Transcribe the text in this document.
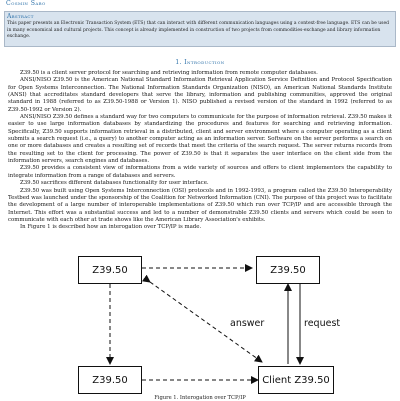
Cosmin Sabo
Abstract
This paper presents an Electronic Transaction System (ETS) that can interact with different communication languages using a context-free language. ETS can be used in many economical and cultural projects. This concept is already implemented in construction of two projects from commodities-exchange and library information exchange.
1. Introduction

Z39.50 is a client server protocol for searching and retrieving information from remote computer databases.

ANSI/NISO Z39.50 is the American National Standard Information Retrieval Application Service Definition and Protocol Specification for Open Systems Interconnection. The National Information Standards Organization (NISO), an American National Standards Institute (ANSI) that accreditates standard developers that serve the library, information and publishing communities, approved the original standard in 1988 (referred to as Z39.50-1988 or Version 1). NISO published a revised version of the standard in 1992 (referred to as Z39.50-1992 or Version 2).

ANSI/NISO Z39.50 defines a standard way for two computers to communicate for the purpose of information retrieval. Z39.50 makes it easier to use large information databases by standardizing the procedures and features for searching and retrieving information. Specifically, Z39.50 supports information retrieval in a distributed, client and server environment where a computer operating as a client submits a search request (i.e., a query) to another computer acting as an information server. Software on the server performs a search on one or more databases and creates a resulting set of records that meet the criteria of the search request. The server returns records from the resulting set to the client for processing. The power of Z39.50 is that it separates the user interface on the client side from the information servers, search engines and databases.

Z39.50 provides a consistent view of informations from a wide variety of sources and offers to client implementors the capability to integrate information from a range of databases and servers.

Z39.50 sacrifices different databases functionality for user interface.

Z39.50 was built using Open Systems Interconnection (OSI) protocols and in 1992-1993, a program called the Z39.50 Interoperability Testbed was launched under the sponsorship of the Coalition for Networked Information (CNI). The purpose of this project was to facilitate the development of a large number of interoperable implementations of Z39.50 which run over TCP/IP and are accessible through the Internet. This effort was a substantial success and led to a number of demonstrable Z39.50 clients and servers which could be seen to communicate with each other at trade shows like the American Library Association's exhibits.

In Figure 1 is described how an interogation over TCP/IP is made.

Z39.50	Z39.50
Z39.50	Client Z39.50
answer	request
Figure 1. Interogation over TCP/IP
